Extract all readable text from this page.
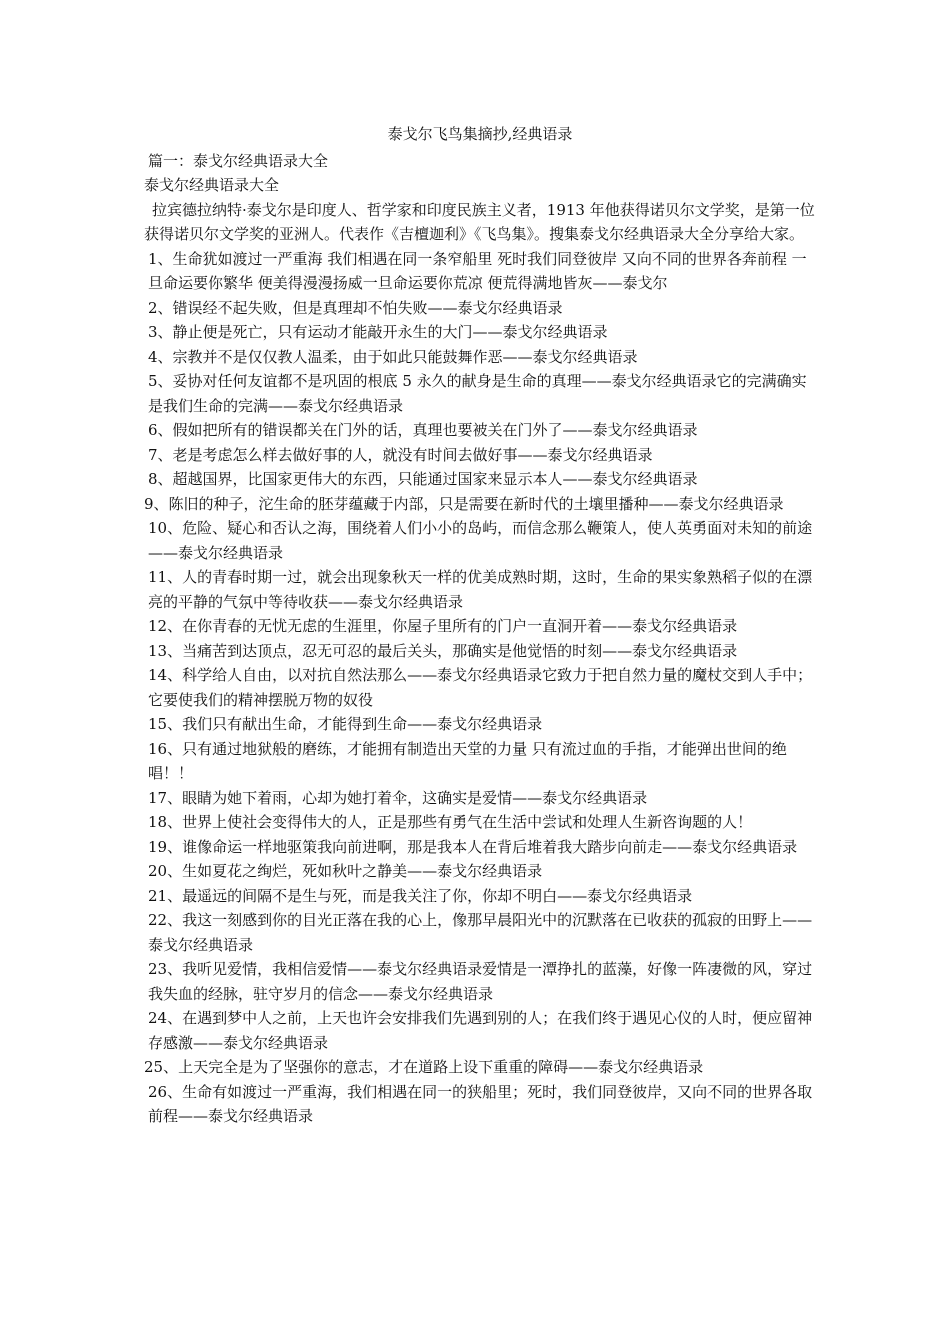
泰戈尔飞鸟集摘抄,经典语录

篇一：泰戈尔经典语录大全

泰戈尔经典语录大全

拉宾德拉纳特·泰戈尔是印度人、哲学家和印度民族主义者，1913 年他获得诺贝尔文学奖，是第一位获得诺贝尔文学奖的亚洲人。代表作《吉檀迦利》《飞鸟集》。搜集泰戈尔经典语录大全分享给大家。

1、生命犹如渡过一严重海 我们相遇在同一条窄船里 死时我们同登彼岸 又向不同的世界各奔前程 一旦命运要你繁华 便美得漫漫扬威一旦命运要你荒凉 便荒得满地皆灰——泰戈尔

2、错误经不起失败，但是真理却不怕失败——泰戈尔经典语录

3、静止便是死亡，只有运动才能敲开永生的大门——泰戈尔经典语录

4、宗教并不是仅仅教人温柔，由于如此只能鼓舞作恶——泰戈尔经典语录

5、妥协对任何友谊都不是巩固的根底 5 永久的献身是生命的真理——泰戈尔经典语录它的完满确实是我们生命的完满——泰戈尔经典语录

6、假如把所有的错误都关在门外的话，真理也要被关在门外了——泰戈尔经典语录

7、老是考虑怎么样去做好事的人，就没有时间去做好事——泰戈尔经典语录

8、超越国界，比国家更伟大的东西，只能通过国家来显示本人——泰戈尔经典语录

9、陈旧的种子，沱生命的胚芽蕴藏于内部，只是需要在新时代的土壤里播种——泰戈尔经典语录

10、危险、疑心和否认之海，围绕着人们小小的岛屿，而信念那么鞭策人，使人英勇面对未知的前途——泰戈尔经典语录

11、人的青春时期一过，就会出现象秋天一样的优美成熟时期，这时，生命的果实象熟稻子似的在漂亮的平静的气氛中等待收获——泰戈尔经典语录

12、在你青春的无忧无虑的生涯里，你屋子里所有的门户一直洞开着——泰戈尔经典语录

13、当痛苦到达顶点，忍无可忍的最后关头，那确实是他觉悟的时刻——泰戈尔经典语录

14、科学给人自由，以对抗自然法那么——泰戈尔经典语录它致力于把自然力量的魔杖交到人手中；它要使我们的精神摆脱万物的奴役

15、我们只有献出生命，才能得到生命——泰戈尔经典语录

16、只有通过地狱般的磨练，才能拥有制造出天堂的力量 只有流过血的手指，才能弹出世间的绝唱！！

17、眼睛为她下着雨，心却为她打着伞，这确实是爱情——泰戈尔经典语录

18、世界上使社会变得伟大的人，正是那些有勇气在生活中尝试和处理人生新咨询题的人！

19、谁像命运一样地驱策我向前进啊，那是我本人在背后堆着我大踏步向前走——泰戈尔经典语录

20、生如夏花之绚烂，死如秋叶之静美——泰戈尔经典语录

21、最遥远的间隔不是生与死，而是我关注了你，你却不明白——泰戈尔经典语录

22、我这一刻感到你的目光正落在我的心上，像那早晨阳光中的沉默落在已收获的孤寂的田野上——泰戈尔经典语录

23、我听见爱情，我相信爱情——泰戈尔经典语录爱情是一潭挣扎的蓝藻，好像一阵凄微的风，穿过我失血的经脉，驻守岁月的信念——泰戈尔经典语录

24、在遇到梦中人之前，上天也许会安排我们先遇到别的人；在我们终于遇见心仪的人时，便应留神存感激——泰戈尔经典语录

25、上天完全是为了坚强你的意志，才在道路上设下重重的障碍——泰戈尔经典语录

26、生命有如渡过一严重海，我们相遇在同一的狭船里；死时，我们同登彼岸，又向不同的世界各取前程——泰戈尔经典语录
